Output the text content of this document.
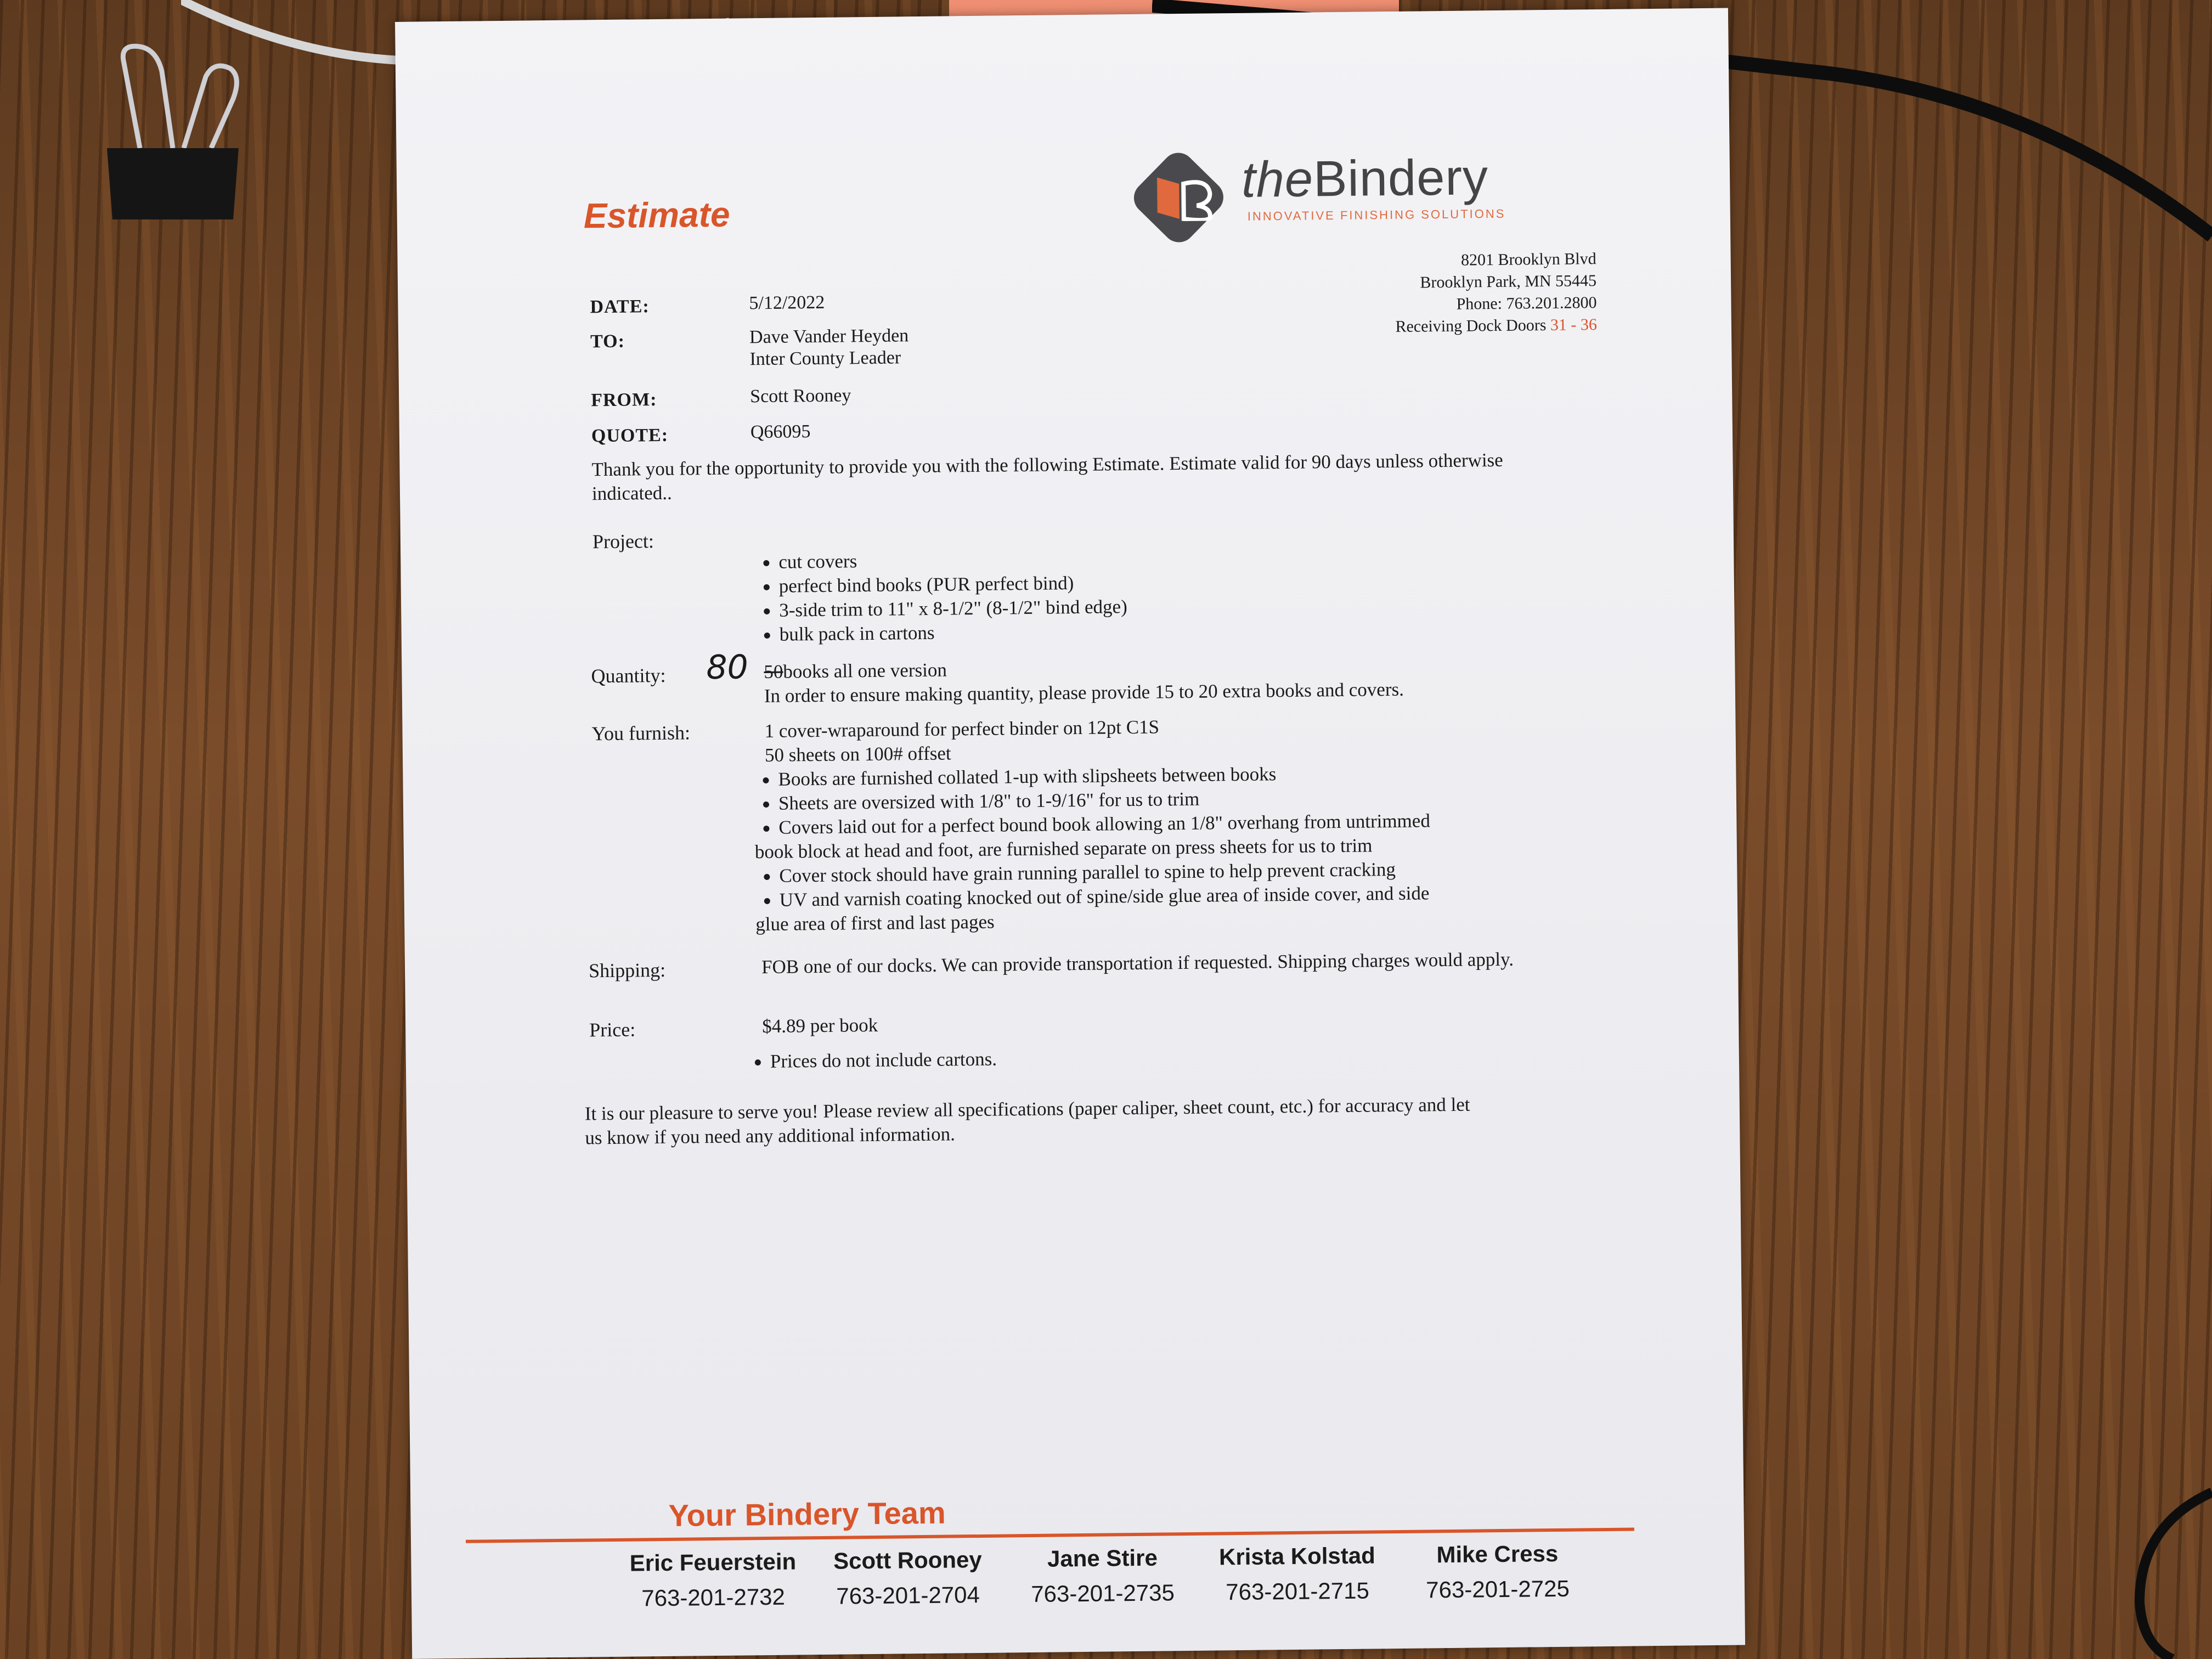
Estimate
theBindery
INNOVATIVE FINISHING SOLUTIONS
8201 Brooklyn Blvd
Brooklyn Park, MN 55445
Phone: 763.201.2800
Receiving Dock Doors 31 - 36
DATE:	5/12/2022
TO:	Dave Vander Heyden
Inter County Leader
FROM:	Scott Rooney
QUOTE:	Q66095
Thank you for the opportunity to provide you with the following Estimate. Estimate valid for 90 days unless otherwise
indicated..
Project:
cut covers
perfect bind books (PUR perfect bind)
3-side trim to 11" x 8-1/2" (8-1/2" bind edge)
bulk pack in cartons
Quantity: 80 50books all one version
In order to ensure making quantity, please provide 15 to 20 extra books and covers.
You furnish:	1 cover-wraparound for perfect binder on 12pt C1S
50 sheets on 100# offset
Books are furnished collated 1-up with slipsheets between books
Sheets are oversized with 1/8" to 1-9/16" for us to trim
Covers laid out for a perfect bound book allowing an 1/8" overhang from untrimmed
book block at head and foot, are furnished separate on press sheets for us to trim
Cover stock should have grain running parallel to spine to help prevent cracking
UV and varnish coating knocked out of spine/side glue area of inside cover, and side
glue area of first and last pages
Shipping:	FOB one of our docks. We can provide transportation if requested. Shipping charges would apply.
Price:	$4.89 per book
Prices do not include cartons.
It is our pleasure to serve you! Please review all specifications (paper caliper, sheet count, etc.) for accuracy and let
us know if you need any additional information.
Your Bindery Team
Eric Feuerstein
763-201-2732
Scott Rooney
763-201-2704
Jane Stire
763-201-2735
Krista Kolstad
763-201-2715
Mike Cress
763-201-2725
